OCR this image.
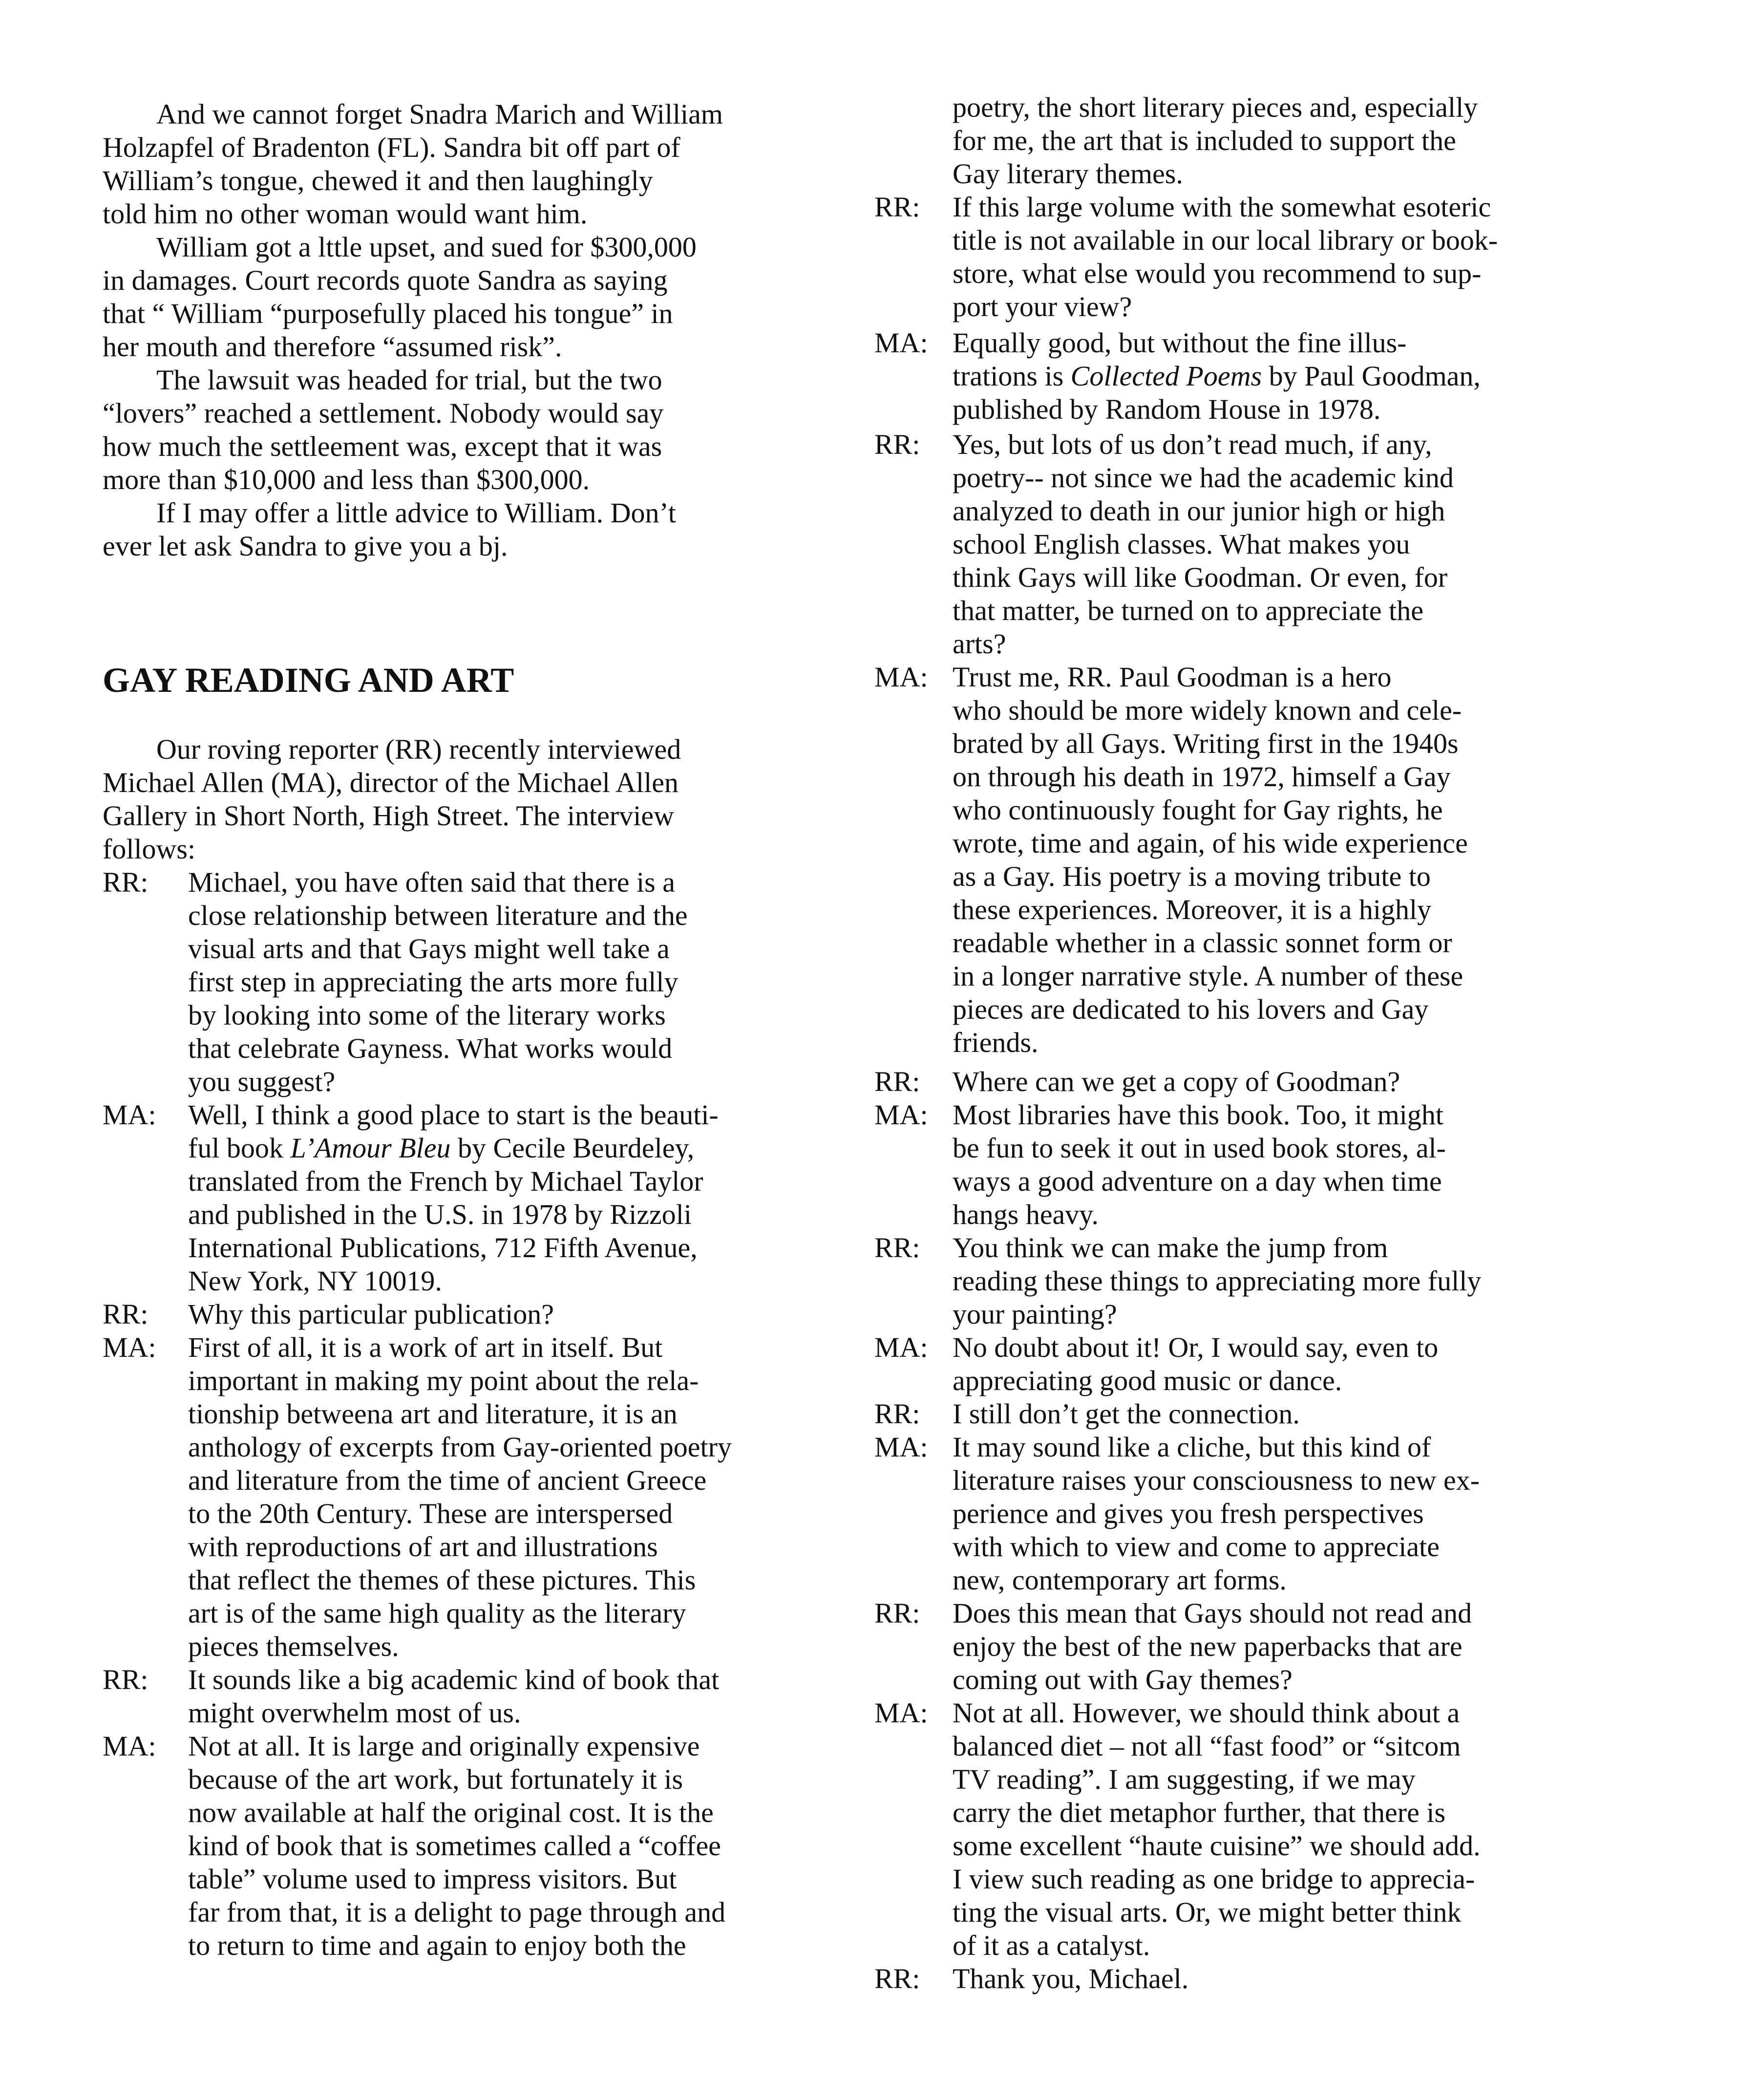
And we cannot forget Snadra Marich and William
Holzapfel of Bradenton (FL). Sandra bit off part of
William’s tongue, chewed it and then laughingly
told him no other woman would want him.
William got a lttle upset, and sued for $300,000
in damages. Court records quote Sandra as saying
that “ William “purposefully placed his tongue” in
her mouth and therefore “assumed risk”.
The lawsuit was headed for trial, but the two
“lovers” reached a settlement. Nobody would say
how much the settleement was, except that it was
more than $10,000 and less than $300,000.
If I may offer a little advice to William. Don’t
ever let ask Sandra to give you a bj.
GAY READING AND ART
Our roving reporter (RR) recently interviewed
Michael Allen (MA), director of the Michael Allen
Gallery in Short North, High Street. The interview
follows:
RR: Michael, you have often said that there is a
close relationship between literature and the
visual arts and that Gays might well take a
first step in appreciating the arts more fully
by looking into some of the literary works
that celebrate Gayness. What works would
you suggest?
MA:	Well, I think a good place to start is the beauti-
ful book L’Amour Bleu by Cecile Beurdeley,
translated from the French by Michael Taylor
and published in the U.S. in 1978 by Rizzoli
International Publications, 712 Fifth Avenue,
New York, NY 10019.
RR: Why this particular publication?
MA: First of all, it is a work of art in itself. But
important in making my point about the rela-
tionship betweena art and literature, it is an
anthology of excerpts from Gay-oriented poetry
and literature from the time of ancient Greece
to the 20th Century. These are interspersed
with reproductions of art and illustrations
that reflect the themes of these pictures. This
art is of the same high quality as the literary
pieces themselves.
RR: It sounds like a big academic kind of book that
might overwhelm most of us.
MA: Not at all. It is large and originally expensive
because of the art work, but fortunately it is
now available at half the original cost. It is the
kind of book that is sometimes called a “coffee
table” volume used to impress visitors. But
far from that, it is a delight to page through and
to return to time and again to enjoy both the
poetry, the short literary pieces and, especially
for me, the art that is included to support the
Gay literary themes.
RR: If this large volume with the somewhat esoteric
title is not available in our local library or book-
store, what else would you recommend to sup-
port your view?
MA: Equally good, but without the fine illus-
trations is Collected Poems by Paul Goodman,
published by Random House in 1978.
RR: Yes, but lots of us don’t read much, if any,
poetry-- not since we had the academic kind
analyzed to death in our junior high or high
school English classes. What makes you
think Gays will like Goodman. Or even, for
that matter, be turned on to appreciate the
arts?
MA: Trust me, RR. Paul Goodman is a hero
who should be more widely known and cele-
brated by all Gays. Writing first in the 1940s
on through his death in 1972, himself a Gay
who continuously fought for Gay rights, he
wrote, time and again, of his wide experience
as a Gay. His poetry is a moving tribute to
these experiences. Moreover, it is a highly
readable whether in a classic sonnet form or
in a longer narrative style. A number of these
pieces are dedicated to his lovers and Gay
friends.
RR: Where can we get a copy of Goodman?
MA: Most libraries have this book. Too, it might
be fun to seek it out in used book stores, al-
ways a good adventure on a day when time
hangs heavy.
RR: You think we can make the jump from
reading these things to appreciating more fully
your painting?
MA: No doubt about it! Or, I would say, even to
appreciating good music or dance.
RR: I still don’t get the connection.
MA: It may sound like a cliche, but this kind of
literature raises your consciousness to new ex-
perience and gives you fresh perspectives
with which to view and come to appreciate
new, contemporary art forms.
RR: Does this mean that Gays should not read and
enjoy the best of the new paperbacks that are
coming out with Gay themes?
MA: Not at all. However, we should think about a
balanced diet – not all “fast food” or “sitcom
TV reading”. I am suggesting, if we may
carry the diet metaphor further, that there is
some excellent “haute cuisine” we should add.
I view such reading as one bridge to apprecia-
ting the visual arts. Or, we might better think
of it as a catalyst.
RR: Thank you, Michael.
